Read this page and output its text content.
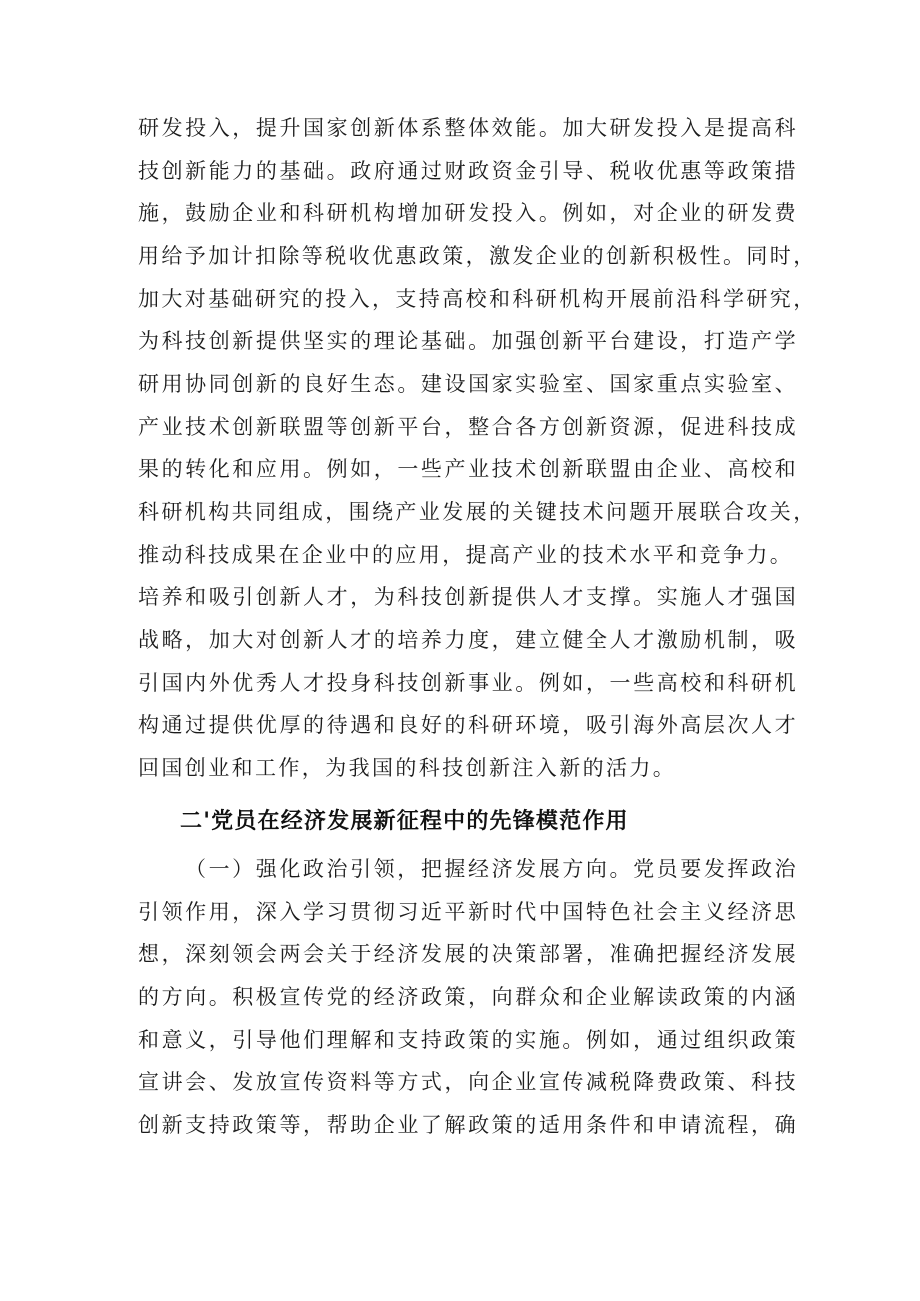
研发投入，提升国家创新体系整体效能。加大研发投入是提高科
技创新能力的基础。政府通过财政资金引导、税收优惠等政策措
施，鼓励企业和科研机构增加研发投入。例如，对企业的研发费
用给予加计扣除等税收优惠政策，激发企业的创新积极性。同时，
加大对基础研究的投入，支持高校和科研机构开展前沿科学研究，
为科技创新提供坚实的理论基础。加强创新平台建设，打造产学
研用协同创新的良好生态。建设国家实验室、国家重点实验室、
产业技术创新联盟等创新平台，整合各方创新资源，促进科技成
果的转化和应用。例如，一些产业技术创新联盟由企业、高校和
科研机构共同组成，围绕产业发展的关键技术问题开展联合攻关，
推动科技成果在企业中的应用，提高产业的技术水平和竞争力。
培养和吸引创新人才，为科技创新提供人才支撑。实施人才强国
战略，加大对创新人才的培养力度，建立健全人才激励机制，吸
引国内外优秀人才投身科技创新事业。例如，一些高校和科研机
构通过提供优厚的待遇和良好的科研环境，吸引海外高层次人才
回国创业和工作，为我国的科技创新注入新的活力。
二'党员在经济发展新征程中的先锋模范作用
（一）强化政治引领，把握经济发展方向。党员要发挥政治
引领作用，深入学习贯彻习近平新时代中国特色社会主义经济思
想，深刻领会两会关于经济发展的决策部署，准确把握经济发展
的方向。积极宣传党的经济政策，向群众和企业解读政策的内涵
和意义，引导他们理解和支持政策的实施。例如，通过组织政策
宣讲会、发放宣传资料等方式，向企业宣传减税降费政策、科技
创新支持政策等，帮助企业了解政策的适用条件和申请流程，确
